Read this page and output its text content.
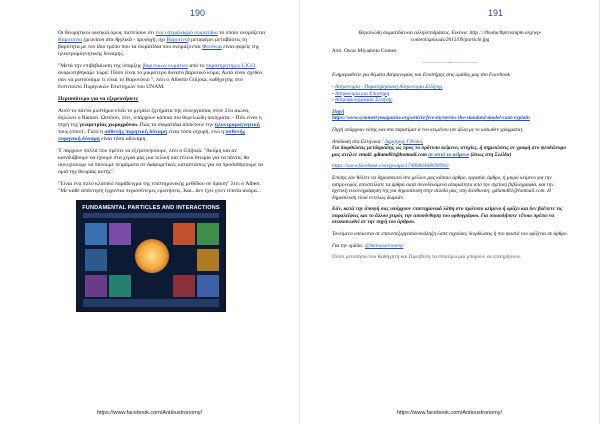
190

Οι θεωρητικοί φυσικοί όμως πιστεύουν ότι ένα υπεραλαφρό σωματίδιο το οποίο ονομάζεται Βαρυτόνιο (graviton στα Αγγλικά - προσοχή, όχι Βαρυτίνο) μεταφέρει μεταβάσεις τη βαρύτητα με τον ίδιο τρόπο που τα σωματίδια που ονομάζονται Φωτόνια είναι φορείς της ηλεκτρομαγνητικής δύναμης.

"Μετά την επιβεβαίωση της ύπαρξης βαρυτικών κυμάτων από το παρατηρητήριο LIGO, αναρωτηθήκαμε τώρα: Πόσο είναι το μικρότερο δυνατό βαρυτικό κύμα; Αυτό είναι σχεδόν σαν να ρωτούσαμε τι είναι το Βαρυτόνιο ", λέει ο Alberto Güijosa, καθηγητής στο Ινστιτούτο Πυρηνικών Επιστημών του UNAM.

Περισσότερα για να εξερευνήσετε

Αυτό το πάντα μυστήριο είναι το μεγάλο ζητήματα της συνεργασίας στον 21ο αιώνα, δηλώνει ο Ramon. Ωστόσο, λέει, υπάρχουν κάποια πιο θεμελιώδη αινίγματα. - Πού είναι η πηγή της γεωμετρίας χωροχρόνου. Πώς τα σωματίδια αποκτούν την ηλεκτρομαγνητική τους (σπιν) ; Γιατί η ασθενής πυρηνική δύναμη είναι τόσο ισχυρή, ενώ η ασθενής πυρηνική δύναμη είναι τόσο αδύναμη.

Υ πάρχουν πολλά που πρέπει να εξερευνήσουμε, λέει ο Güijosa. "Ακόμη και αν καταλάβουμε να έχουμε στα χέρια μας μια τελική και τέλεια θεωρία για τα πάντα, θα συνεχίσουμε να πάνουμε πειράματα σε διαφορετικές καταστάσεις για να προσαθήσουμε τα όριά της θεωρίας αυτής".

"Είναι ένα πολύ κλασικό παράδειγμα της επιστημονικής μεθόδου σε δράση" λέει ο Albert. "Με κάθε απάντηση έρχονται περισσότερες ερωτήσεις. Και...δεν έχει γίνει τίποτα ακόμα...

FUNDAMENTAL PARTICLES AND INTERACTIONS
https://www.facebook.com/Antioustronomy/
191

Θεμελιώδη σωματίδια και αλληλεπιδράσεις. Εικόνα: http : //theducthprasinpm.org/wp-content/uploads/2015/09/particle.jpg

Από: Oscar Miyamoto Gomez

—————•—————

Ενημερωθείτε για θέματα Αστρονομίας και Επιστήμης στις ομάδες μας στο Facebook:

- Αστρονομία - Παρατηρησιακή Αστρονομία Σελήνης
- Αστρονομία και Επιστήμη
- Αστροφωτογραφία Σελήνης

Πηγή
https://www.symmetrymagazine.org/article/five-mysteries-the-standard-model-cant-explain

Πηγή υπάρχουν εύτης και στα παρατίματ ά του κειμένου (σε άλλη με το κάτωθεν γράμματα).

Απόδοση στα Ελληνικά : Δημήτρης Γ.Ρόδος
Για διορθώσεις μετάφρασης ως προς το πρότυπο κείμενο, ατυχίες, ή σημειώσεις σε γραφή στο ψευδώνυμο μας στείλτε email: gdiamd81@hotmail.com σε αυτό το κείμενο (όπως στη Σελίδα)

https://www.facebook.com/groups/1748084468028993/

Επίσης εάν θέλετε να δημοσιευτεί στο μέλλον μας κάποιο άρθρο, εργασία, άρθρο, ή μικρό κείμενο για την αστρονομία, αποστείλατε τα άρθρα αυτά συνοδευόμενα απαραίτητα από την σχετική βιβλιογραφία, και την σχετική εικονογράφηση της για δημοσίευση στην σελίδα μας, στη διεύθυνση: gdiamd81@hotmail.com. Η δημοσίευση είναι εντελώς δωρεάν.

Εάν, κατά την άποψή σας υπάρχουν επιστημονικά λάθη στο πρότυπο κείμενο ή ορίζει και δεν βλέπετε τις παραλείψεις και το άλλου χειρός την αποσύνθηση του ορθογράφου. Για οποιοδήποτε τέτοιο πρέπει να ανακοινωθεί σε την πηγή του άρθρου.

Τονείμενο υπόκειται σε επανεπεξεργασία/ανάληξη ώστε τυχούσες διορθώσεις ή πιο σωστά του ορίζεται σε άρθρο.

Για την ομάδα: @Antioustronomy

Πόντι μεταπήσω του Καθηγητή και Πρεσβύτη τα σπασίμω μια μπορούν να επιτηρήσουν.

https://www.facebook.com/Antioustronomy/
